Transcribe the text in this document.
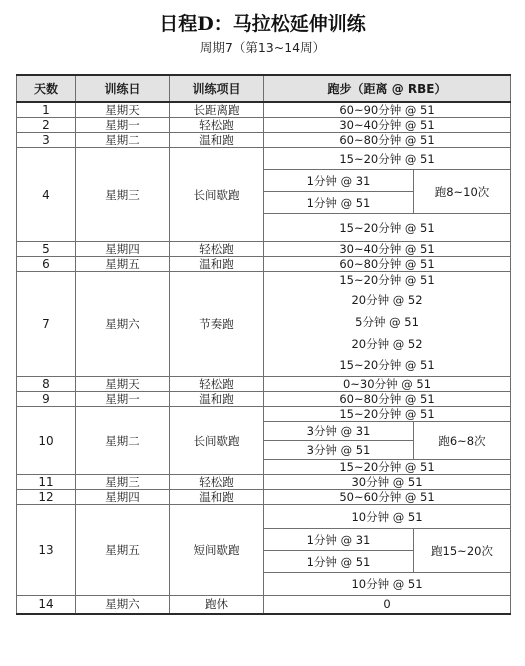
日程D：马拉松延伸训练
周期7（第13~14周）
天数	训练日	训练项目	跑步（距离 @ RBE）	
1	星期天	长距离跑	60~90分钟 @ 51	
2	星期一	轻松跑	30~40分钟 @ 51	
3	星期二	温和跑	60~80分钟 @ 51	
4	星期三	长间歇跑	15~20分钟 @ 51	
			1分钟 @ 31	跑8~10次
			1分钟 @ 51	
			15~20分钟 @ 51	
5	星期四	轻松跑	30~40分钟 @ 51	
6	星期五	温和跑	60~80分钟 @ 51	
7	星期六	节奏跑	15~20分钟 @ 51	
			20分钟 @ 52	
			5分钟 @ 51	
			20分钟 @ 52	
			15~20分钟 @ 51	
8	星期天	轻松跑	0~30分钟 @ 51	
9	星期一	温和跑	60~80分钟 @ 51	
10	星期二	长间歇跑	15~20分钟 @ 51	
			3分钟 @ 31	跑6~8次
			3分钟 @ 51	
			15~20分钟 @ 51	
11	星期三	轻松跑	30分钟 @ 51	
12	星期四	温和跑	50~60分钟 @ 51	
13	星期五	短间歇跑	10分钟 @ 51	
			1分钟 @ 31	跑15~20次
			1分钟 @ 51	
			10分钟 @ 51	
14	星期六	跑休	0	
